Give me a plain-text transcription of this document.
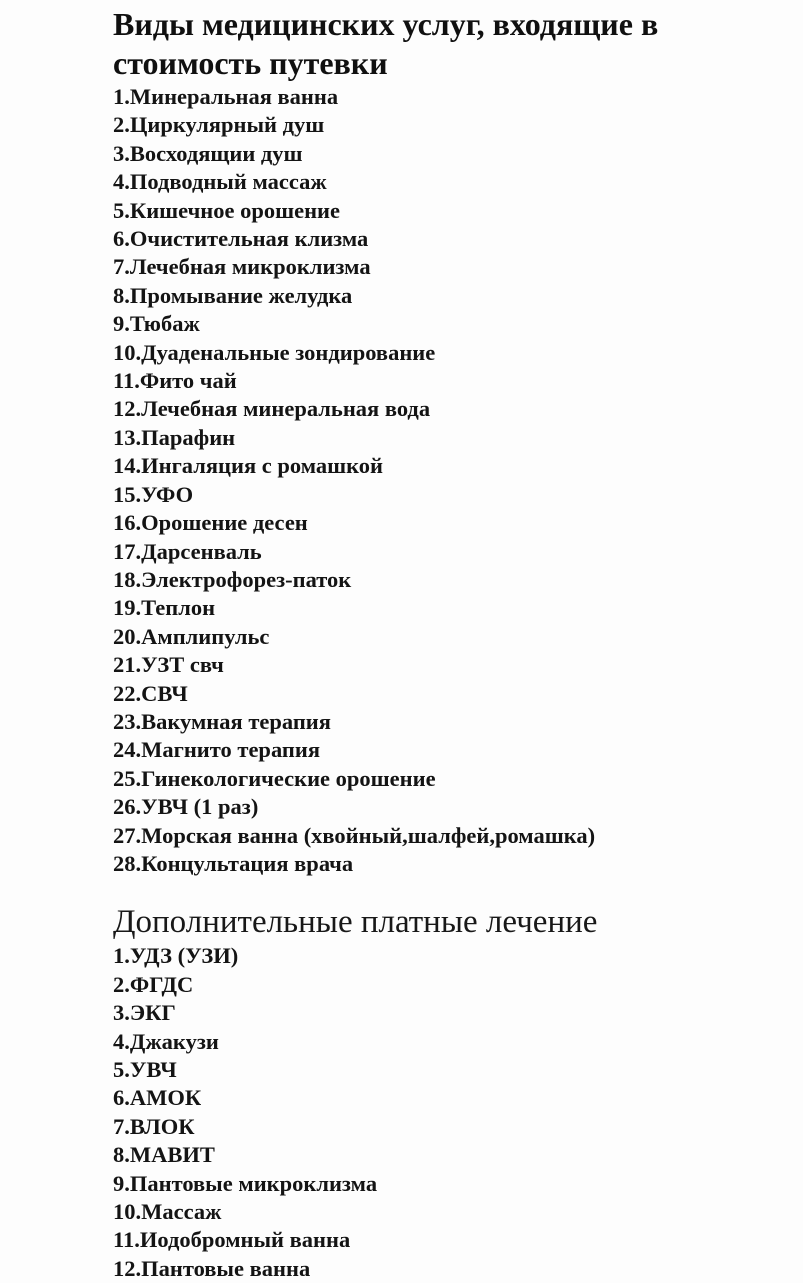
Виды медицинских услуг, входящие в стоимость путевки
1.Минеральная ванна
2.Циркулярный душ
3.Восходящии душ
4.Подводный массаж
5.Кишечное орошение
6.Очистительная клизма
7.Лечебная микроклизма
8.Промывание желудка
9.Тюбаж
10.Дуаденальные зондирование
11.Фито чай
12.Лечебная минеральная вода
13.Парафин
14.Ингаляция с ромашкой
15.УФО
16.Орошение десен
17.Дарсенваль
18.Электрофорез-паток
19.Теплон
20.Амплипульс
21.УЗТ свч
22.СВЧ
23.Вакумная терапия
24.Магнито терапия
25.Гинекологические орошение
26.УВЧ (1 раз)
27.Морская ванна (хвойный,шалфей,ромашка)
28.Концультация врача
Дополнительные платные лечение
1.УДЗ (УЗИ)
2.ФГДС
3.ЭКГ
4.Джакузи
5.УВЧ
6.АМОК
7.ВЛОК
8.МАВИТ
9.Пантовые микроклизма
10.Массаж
11.Иодобромный ванна
12.Пантовые ванна
